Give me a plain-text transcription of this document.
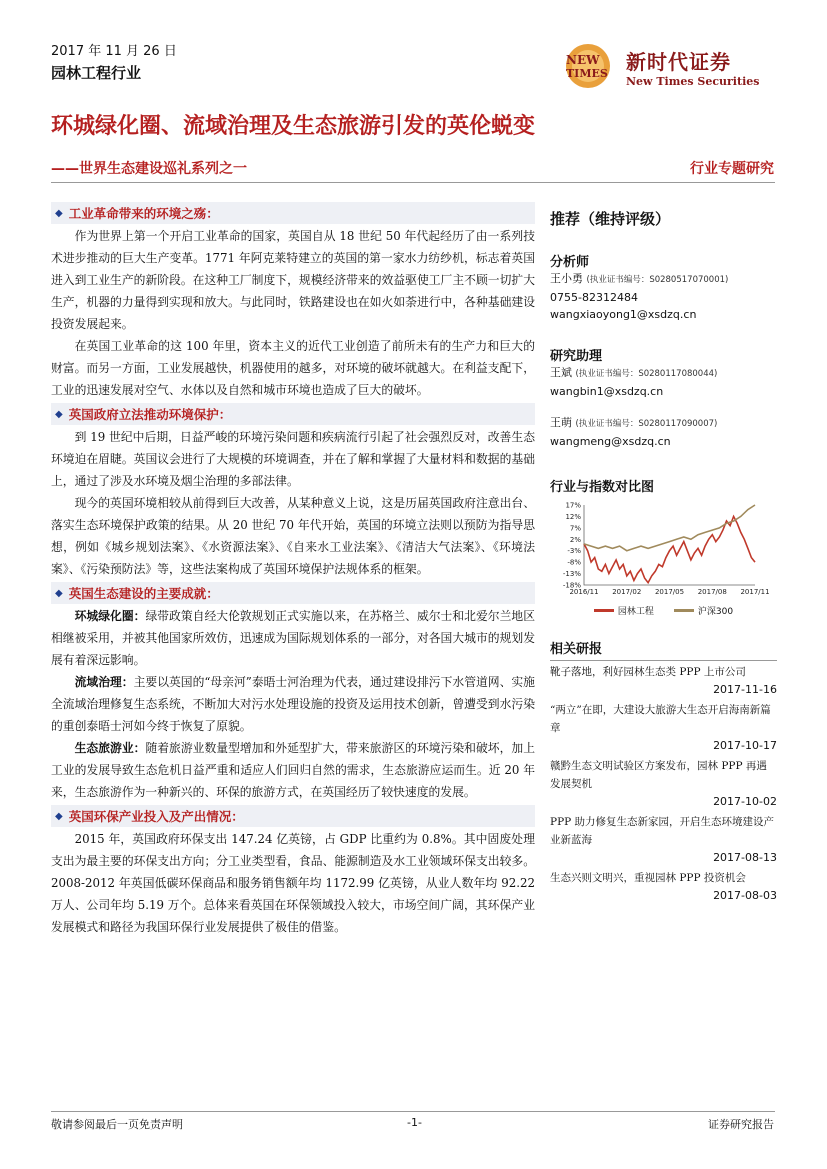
2017 年 11 月 26 日
园林工程行业
NEW
TIMES 新时代证券
New Times Securities
环城绿化圈、流域治理及生态旅游引发的英伦蜕变
——世界生态建设巡礼系列之一	行业专题研究
◆ 工业革命带来的环境之殇：

作为世界上第一个开启工业革命的国家，英国自从 18 世纪 50 年代起经历了由一系列技术进步推动的巨大生产变革。1771 年阿克莱特建立的英国的第一家水力纺纱机，标志着英国进入到工业生产的新阶段。在这种工厂制度下，规模经济带来的效益驱使工厂主不顾一切扩大生产，机器的力量得到实现和放大。与此同时，铁路建设也在如火如荼进行中，各种基础建设投资发展起来。

在英国工业革命的这 100 年里，资本主义的近代工业创造了前所未有的生产力和巨大的财富。而另一方面，工业发展越快，机器使用的越多，对环境的破坏就越大。在利益支配下，工业的迅速发展对空气、水体以及自然和城市环境也造成了巨大的破坏。

◆ 英国政府立法推动环境保护：

到 19 世纪中后期，日益严峻的环境污染问题和疾病流行引起了社会强烈反对，改善生态环境迫在眉睫。英国议会进行了大规模的环境调查，并在了解和掌握了大量材料和数据的基础上，通过了涉及水环境及烟尘治理的多部法律。

现今的英国环境相较从前得到巨大改善，从某种意义上说，这是历届英国政府注意出台、落实生态环境保护政策的结果。从 20 世纪 70 年代开始，英国的环境立法则以预防为指导思想，例如《城乡规划法案》、《水资源法案》、《自来水工业法案》、《清洁大气法案》、《环境法案》、《污染预防法》等，这些法案构成了英国环境保护法规体系的框架。

◆ 英国生态建设的主要成就：

环城绿化圈：绿带政策自经大伦敦规划正式实施以来，在苏格兰、威尔士和北爱尔兰地区相继被采用，并被其他国家所效仿，迅速成为国际规划体系的一部分，对各国大城市的规划发展有着深远影响。

流域治理：主要以英国的“母亲河”泰晤士河治理为代表，通过建设排污下水管道网、实施全流域治理修复生态系统，不断加大对污水处理设施的投资及运用技术创新，曾遭受到水污染的重创泰晤士河如今终于恢复了原貌。

生态旅游业：随着旅游业数量型增加和外延型扩大，带来旅游区的环境污染和破坏，加上工业的发展导致生态危机日益严重和适应人们回归自然的需求，生态旅游应运而生。近 20 年来，生态旅游作为一种新兴的、环保的旅游方式，在英国经历了较快速度的发展。

◆ 英国环保产业投入及产出情况：

2015 年，英国政府环保支出 147.24 亿英镑，占 GDP 比重约为 0.8%。其中固废处理支出为最主要的环保支出方向；分工业类型看，食品、能源制造及水工业领域环保支出较多。2008-2012 年英国低碳环保商品和服务销售额年均 1172.99 亿英镑，从业人数年均 92.22 万人、公司年均 5.19 万个。总体来看英国在环保领域投入较大，市场空间广阔，其环保产业发展模式和路径为我国环保行业发展提供了极佳的借鉴。

推荐（维持评级）
分析师
王小勇 (执业证书编号：S0280517070001)
0755-82312484
wangxiaoyong1@xsdzq.cn
研究助理
王斌 (执业证书编号：S0280117080044)
wangbin1@xsdzq.cn
王萌 (执业证书编号：S0280117090007)
wangmeng@xsdzq.cn
行业与指数对比图
17%
12%
7%
2%
-3%
-8%
-13%
-18%
2016/11 2017/02 2017/05 2017/08 2017/11
园林工程	沪深300
相关研报
靴子落地，利好园林生态类 PPP 上市公司
2017-11-16
“两立”在即，大建设大旅游大生态开启海南新篇章
2017-10-17
赣黔生态文明试验区方案发布，园林 PPP 再遇发展契机
2017-10-02
PPP 助力修复生态新家园，开启生态环境建设产业新蓝海
2017-08-13
生态兴则文明兴，重视园林 PPP 投资机会
2017-08-03
敬请参阅最后一页免责声明	-1-	证券研究报告
